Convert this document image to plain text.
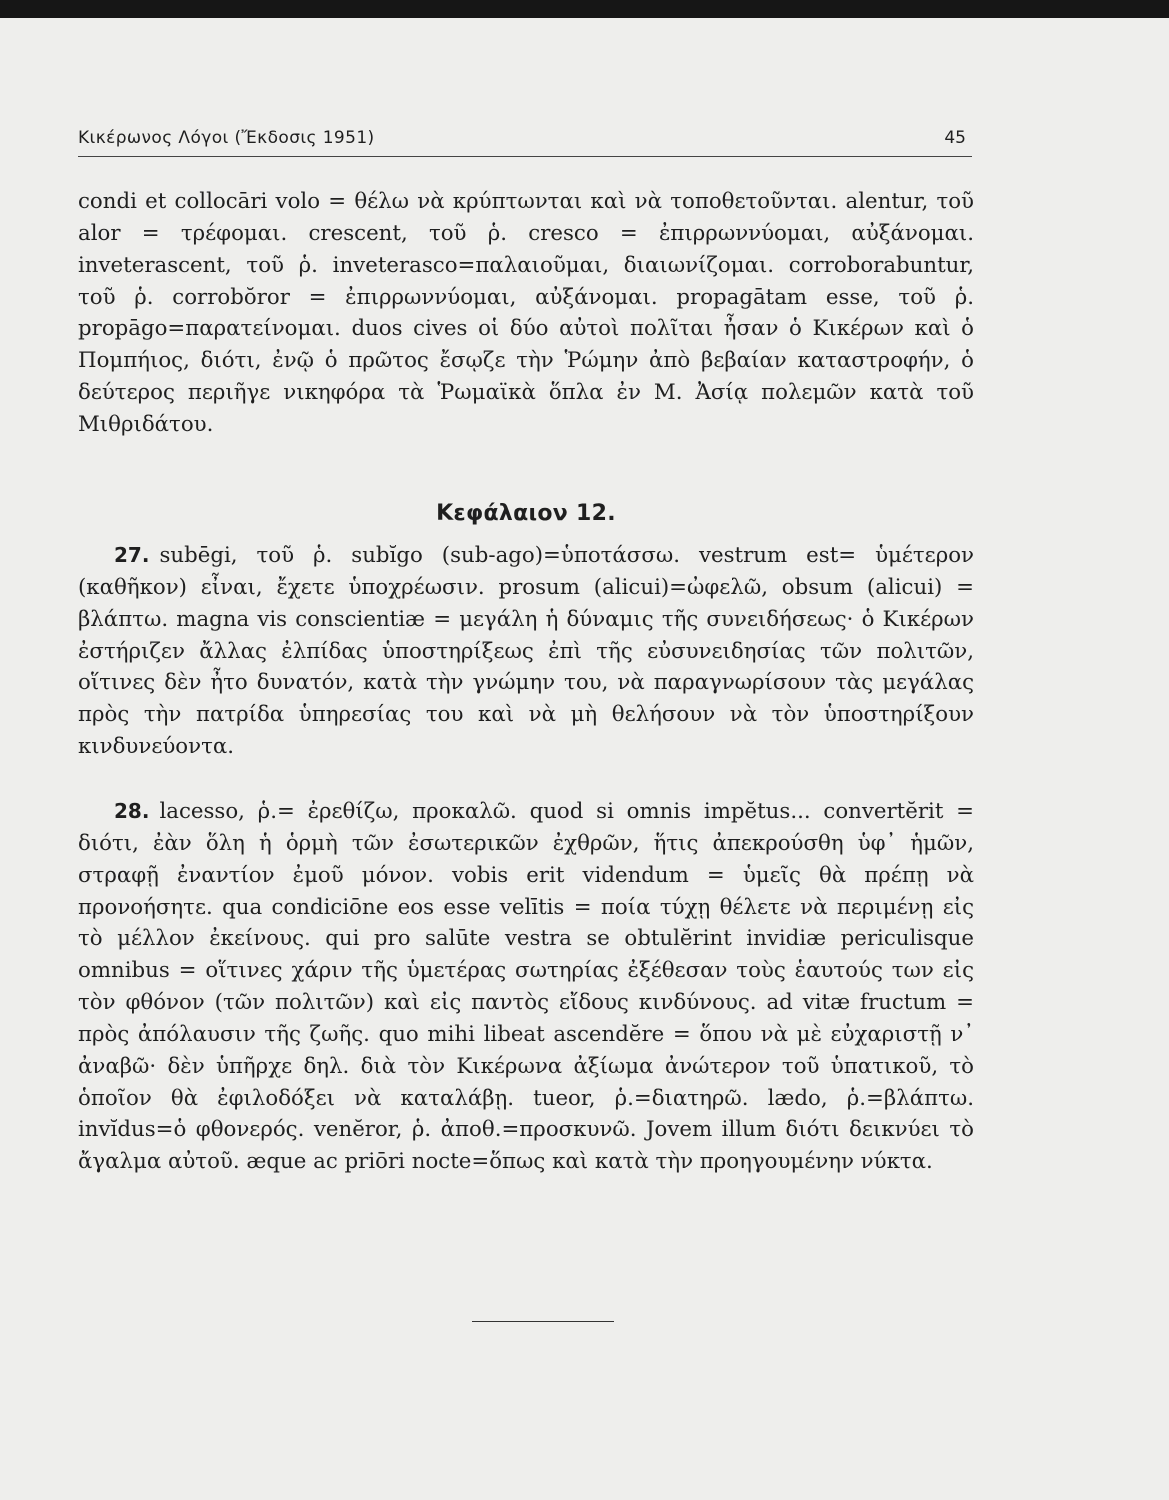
Κικέρωνος Λόγοι (Ἔκδοσις 1951)	45

condi et collocāri volo = θέλω νὰ κρύπτωνται καὶ νὰ τοποθετοῦνται. alentur, τοῦ alor = τρέφομαι. crescent, τοῦ ῥ. cresco = ἐπιρρωννύομαι, αὐξάνομαι. inveterascent, τοῦ ῥ. inveterasco=παλαιοῦμαι, διαιωνίζομαι. corroborabuntur, τοῦ ῥ. corrobŏror = ἐπιρρωννύομαι, αὐξάνομαι. propagātam esse, τοῦ ῥ. propāgo=παρατείνομαι. duos cives οἱ δύο αὐτοὶ πολῖται ἦσαν ὁ Κικέρων καὶ ὁ Πομπήιος, διότι, ἐνῷ ὁ πρῶτος ἔσῳζε τὴν Ῥώμην ἀπὸ βεβαίαν καταστροφήν, ὁ δεύτερος περιῆγε νικηφόρα τὰ Ῥωμαϊκὰ ὅπλα ἐν Μ. Ἀσίᾳ πολεμῶν κατὰ τοῦ Μιθριδάτου.

Κεφάλαιον 12.

27. subēgi, τοῦ ῥ. subĭgo (sub-ago)=ὑποτάσσω. vestrum est= ὑμέτερον (καθῆκον) εἶναι, ἔχετε ὑποχρέωσιν. prosum (alicui)=ὠφελῶ, obsum (alicui) = βλάπτω. magna vis conscientiæ = μεγάλη ἡ δύναμις τῆς συνειδήσεως· ὁ Κικέρων ἐστήριζεν ἄλλας ἐλπίδας ὑποστηρίξεως ἐπὶ τῆς εὐσυνειδησίας τῶν πολιτῶν, οἵτινες δὲν ἦτο δυνατόν, κατὰ τὴν γνώμην του, νὰ παραγνωρίσουν τὰς μεγάλας πρὸς τὴν πατρίδα ὑπηρεσίας του καὶ νὰ μὴ θελήσουν νὰ τὸν ὑποστηρίξουν κινδυνεύοντα.

28. lacesso, ῥ.= ἐρεθίζω, προκαλῶ. quod si omnis impĕtus... convertĕrit = διότι, ἐὰν ὅλη ἡ ὁρμὴ τῶν ἐσωτερικῶν ἐχθρῶν, ἥτις ἀπεκρούσθη ὑφ᾽ ἡμῶν, στραφῇ ἐναντίον ἐμοῦ μόνον. vobis erit videndum = ὑμεῖς θὰ πρέπῃ νὰ προνοήσητε. qua condiciōne eos esse velītis = ποία τύχῃ θέλετε νὰ περιμένῃ εἰς τὸ μέλλον ἐκείνους. qui pro salūte vestra se obtulĕrint invidiæ periculisque omnibus = οἵτινες χάριν τῆς ὑμετέρας σωτηρίας ἐξέθεσαν τοὺς ἑαυτούς των εἰς τὸν φθόνον (τῶν πολιτῶν) καὶ εἰς παντὸς εἴδους κινδύνους. ad vitæ fructum = πρὸς ἀπόλαυσιν τῆς ζωῆς. quo mihi libeat ascendĕre = ὅπου νὰ μὲ εὐχαριστῇ ν᾽ ἀναβῶ· δὲν ὑπῆρχε δηλ. διὰ τὸν Κικέρωνα ἀξίωμα ἀνώτερον τοῦ ὑπατικοῦ, τὸ ὁποῖον θὰ ἐφιλοδόξει νὰ καταλάβῃ. tueor, ῥ.=διατηρῶ. lædo, ῥ.=βλάπτω. invĭdus=ὁ φθονερός. venĕror, ῥ. ἀποθ.=προσκυνῶ. Jovem illum διότι δεικνύει τὸ ἄγαλμα αὐτοῦ. æque ac priōri nocte=ὅπως καὶ κατὰ τὴν προηγουμένην νύκτα.
